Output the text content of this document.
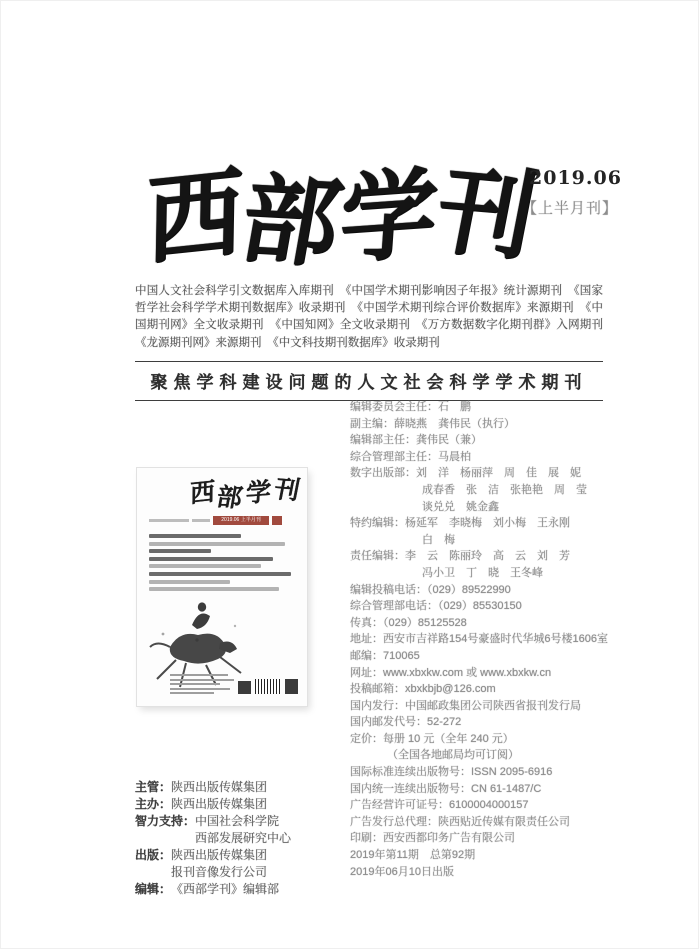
西
部
学
刊
2019.06
【上半月刊】
中国人文社会科学引文数据库入库期刊　《中国学术期刊影响因子年报》统计源期刊　《国家哲学社会科学学术期刊数据库》收录期刊　《中国学术期刊综合评价数据库》来源期刊　《中国期刊网》全文收录期刊　《中国知网》全文收录期刊　《万方数据数字化期刊群》入网期刊　《龙源期刊网》来源期刊　《中文科技期刊数据库》收录期刊
聚焦学科建设问题的人文社会科学学术期刊
西 部 学 刊
2019.06 上半月刊
编辑委员会主任：石　鹏
副主编：薛晓燕　龚伟民（执行）
编辑部主任：龚伟民（兼）
综合管理部主任：马晨柏
数字出版部：刘　洋　杨丽萍　周　佳　展　妮
成春香　张　洁　张艳艳　周　莹
谈兑兑　姚金鑫
特约编辑：杨延军　李晓梅　刘小梅　王永刚
白　梅
责任编辑：李　云　陈丽玲　高　云　刘　芳
冯小卫　丁　晓　王冬峰
编辑投稿电话：（029）89522990
综合管理部电话：（029）85530150
传真：（029）85125528
地址：西安市吉祥路154号豪盛时代华城6号楼1606室
邮编：710065
网址：www.xbxkw.com 或 www.xbxkw.cn
投稿邮箱：xbxkbjb@126.com
国内发行：中国邮政集团公司陕西省报刊发行局
国内邮发代号：52-272
定价：每册 10 元（全年 240 元）
（全国各地邮局均可订阅）
国际标准连续出版物号：ISSN 2095-6916
国内统一连续出版物号：CN 61-1487/C
广告经营许可证号：6100004000157
广告发行总代理：陕西贴近传媒有限责任公司
印刷：西安西都印务广告有限公司
2019年第11期　总第92期
2019年06月10日出版
主管： 陕西出版传媒集团
主办： 陕西出版传媒集团
智力支持： 中国社会科学院
西部发展研究中心
出版： 陕西出版传媒集团
报刊音像发行公司
编辑： 《西部学刊》编辑部
